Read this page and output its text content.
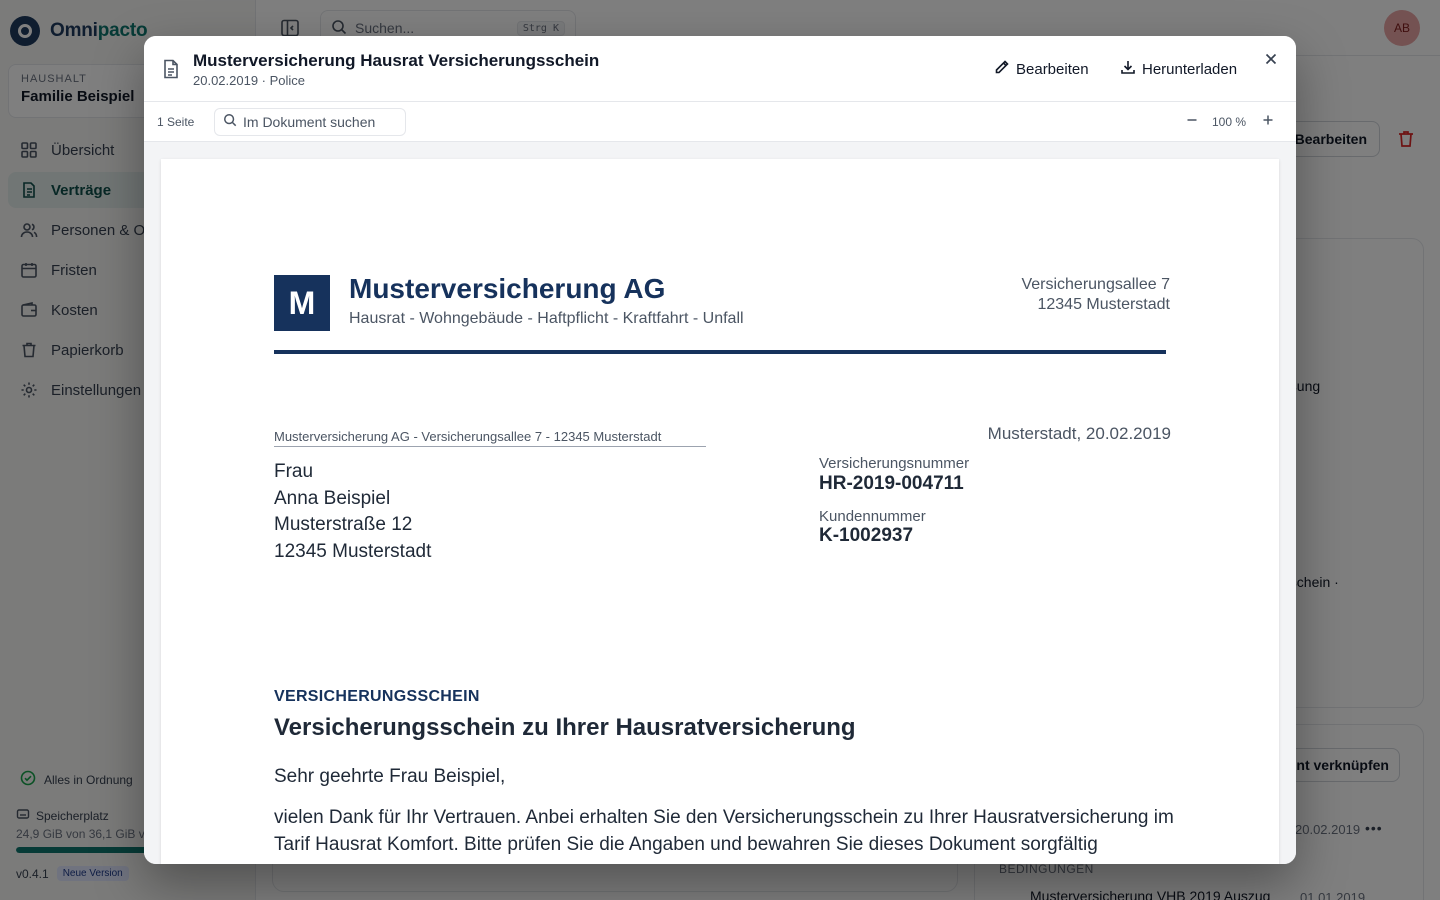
Musterversicherung Hausrat Versicherungsschein
20.02.2019 · Police
Bearbeiten	Herunterladen
1 Seite
Im Dokument suchen	100 %
M	Musterversicherung AG
Hausrat - Wohngebäude - Haftpflicht - Kraftfahrt - Unfall
Versicherungsallee 7
12345 Musterstadt
Musterversicherung AG - Versicherungsallee 7 - 12345 Musterstadt
Frau
Anna Beispiel
Musterstraße 12
12345 Musterstadt
Musterstadt, 20.02.2019
Versicherungsnummer
HR-2019-004711
Kundennummer
K-1002937
VERSICHERUNGSSCHEIN
Versicherungsschein zu Ihrer Hausratversicherung
Sehr geehrte Frau Beispiel,
vielen Dank für Ihr Vertrauen. Anbei erhalten Sie den Versicherungsschein zu Ihrer Hausratversicherung im Tarif Hausrat Komfort. Bitte prüfen Sie die Angaben und bewahren Sie dieses Dokument sorgfältig
